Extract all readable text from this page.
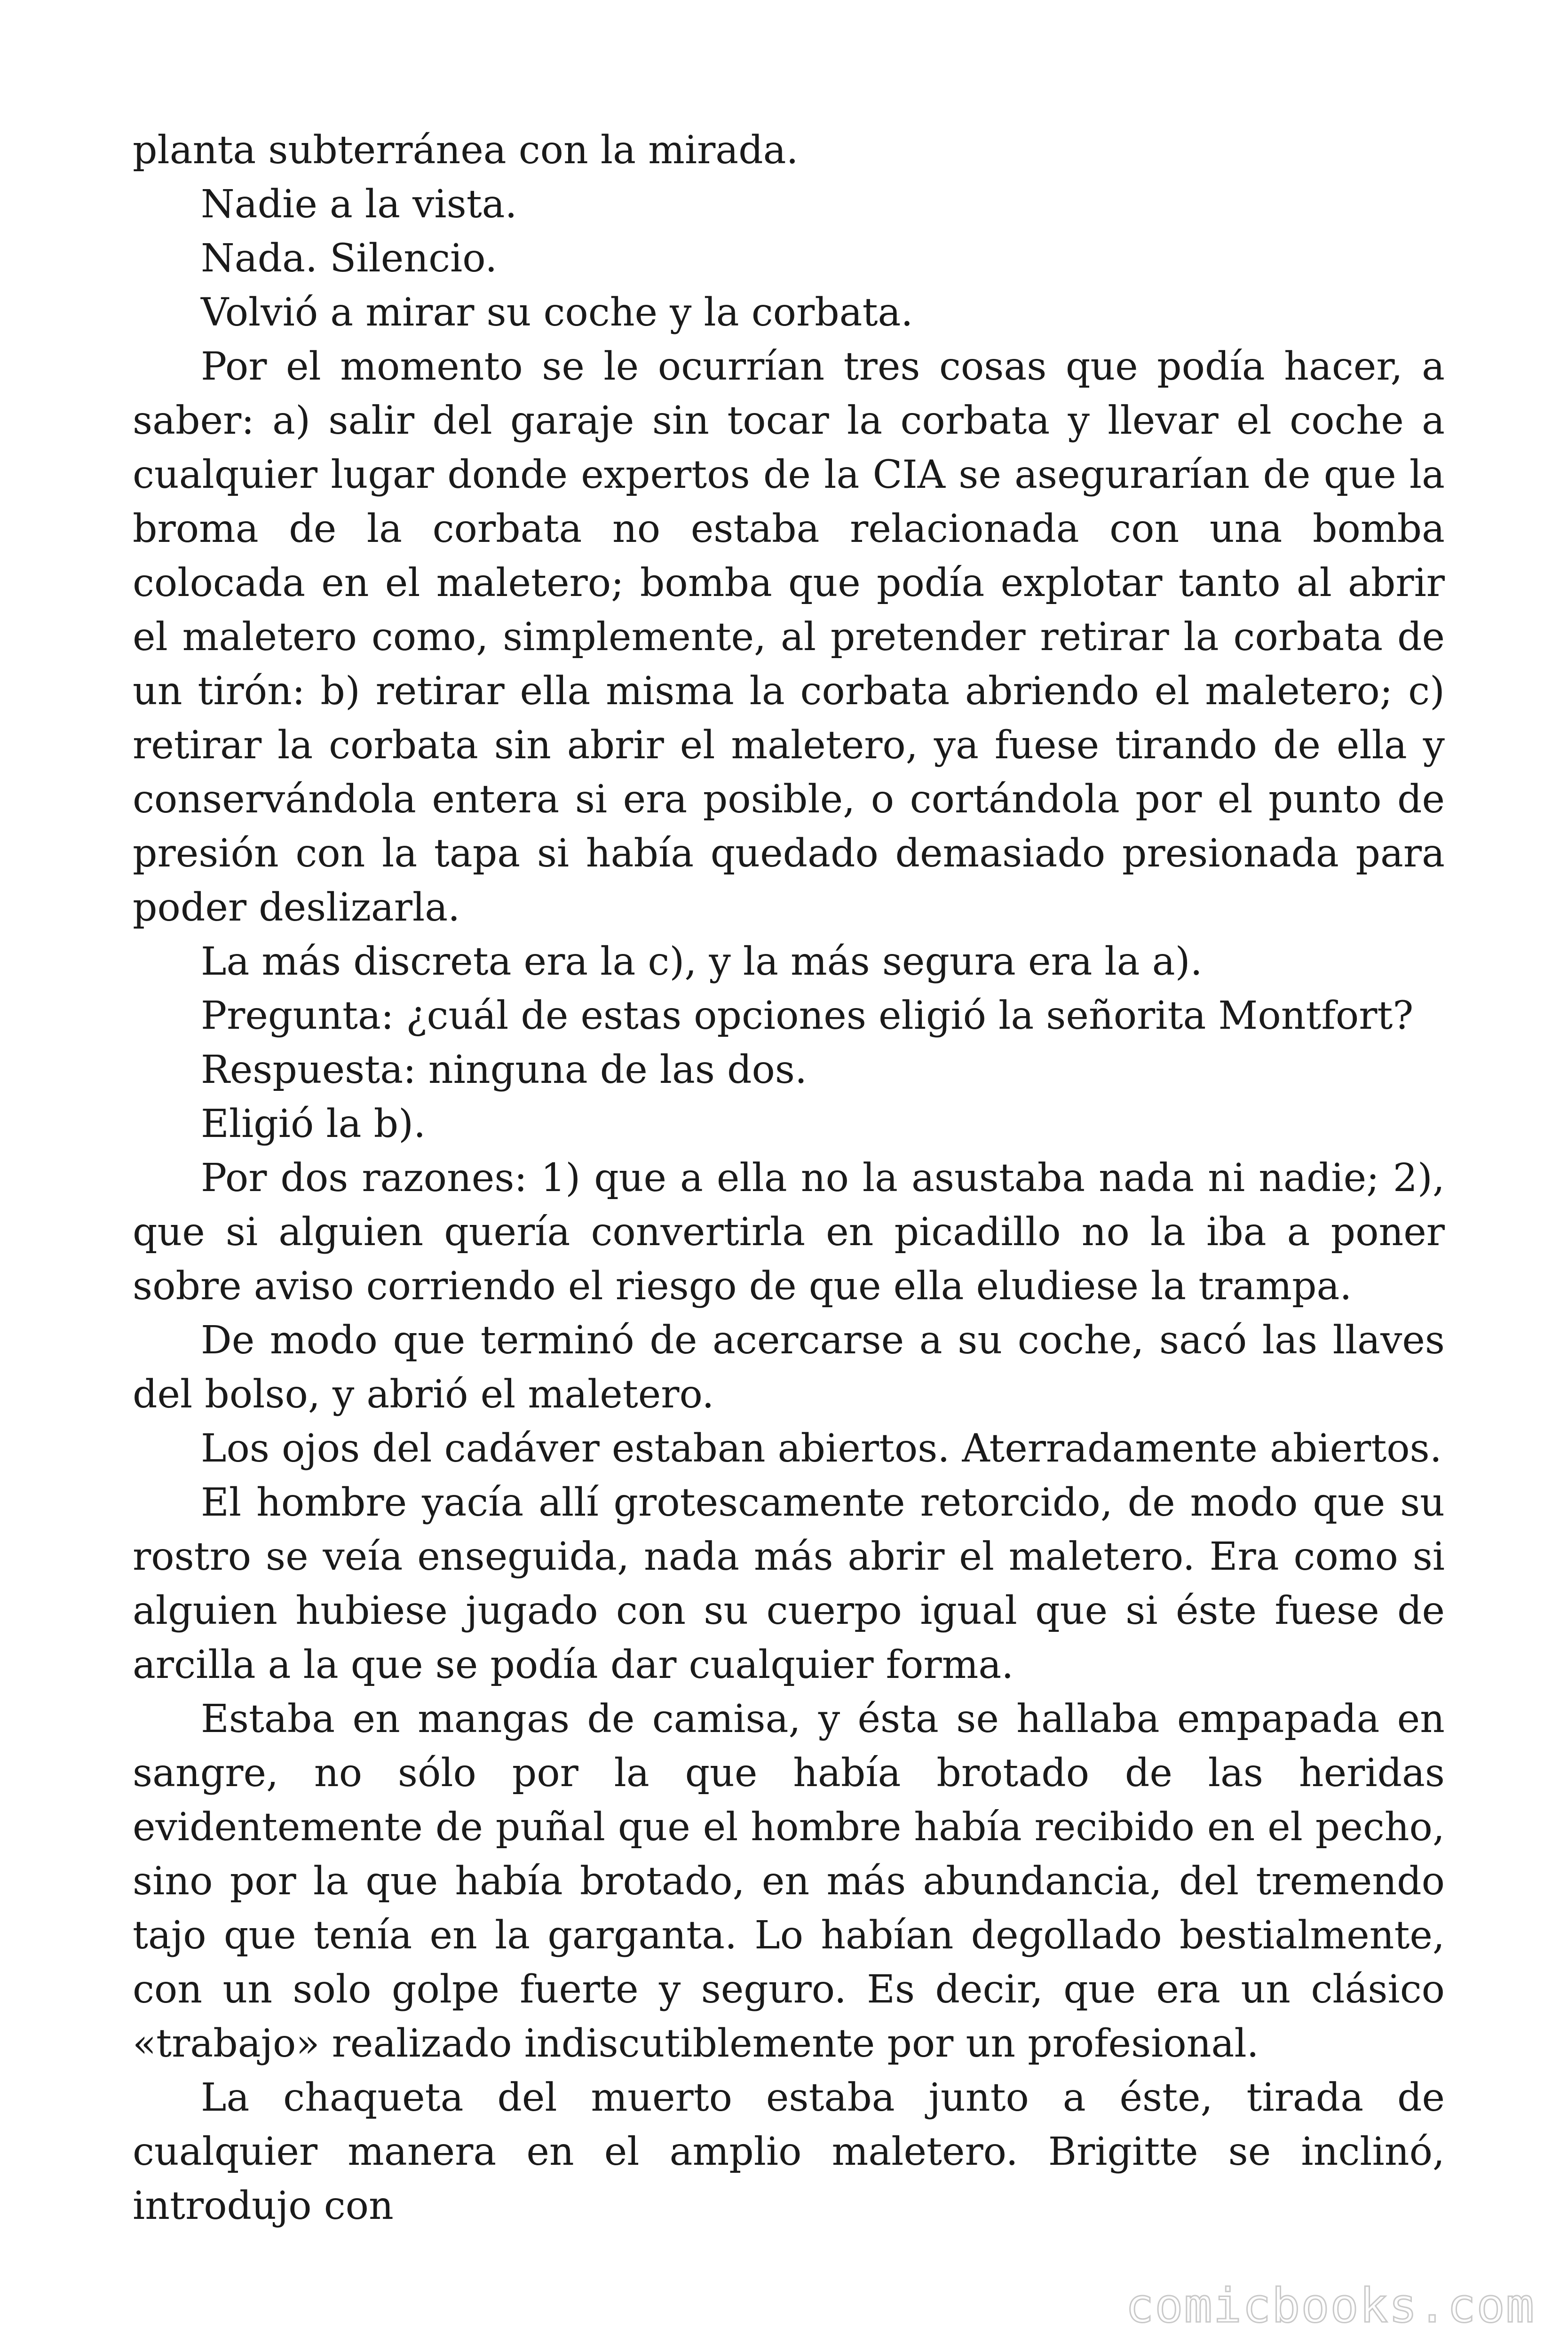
planta subterránea con la mirada.

Nadie a la vista.

Nada. Silencio.

Volvió a mirar su coche y la corbata.

Por el momento se le ocurrían tres cosas que podía hacer, a saber: a) salir del garaje sin tocar la corbata y llevar el coche a cualquier lugar donde expertos de la CIA se asegurarían de que la broma de la corbata no estaba relacionada con una bomba colocada en el maletero; bomba que podía explotar tanto al abrir el maletero como, simplemente, al pretender retirar la corbata de un tirón: b) retirar ella misma la corbata abriendo el maletero; c) retirar la corbata sin abrir el maletero, ya fuese tirando de ella y conservándola entera si era posible, o cortándola por el punto de presión con la tapa si había quedado demasiado presionada para poder deslizarla.

La más discreta era la c), y la más segura era la a).

Pregunta: ¿cuál de estas opciones eligió la señorita Montfort?

Respuesta: ninguna de las dos.

Eligió la b).

Por dos razones: 1) que a ella no la asustaba nada ni nadie; 2), que si alguien quería convertirla en picadillo no la iba a poner sobre aviso corriendo el riesgo de que ella eludiese la trampa.

De modo que terminó de acercarse a su coche, sacó las llaves del bolso, y abrió el maletero.

Los ojos del cadáver estaban abiertos. Aterradamente abiertos.

El hombre yacía allí grotescamente retorcido, de modo que su rostro se veía enseguida, nada más abrir el maletero. Era como si alguien hubiese jugado con su cuerpo igual que si éste fuese de arcilla a la que se podía dar cualquier forma.

Estaba en mangas de camisa, y ésta se hallaba empapada en sangre, no sólo por la que había brotado de las heridas evidentemente de puñal que el hombre había recibido en el pecho, sino por la que había brotado, en más abundancia, del tremendo tajo que tenía en la garganta. Lo habían degollado bestialmente, con un solo golpe fuerte y seguro. Es decir, que era un clásico «trabajo» realizado indiscutiblemente por un profesional.

La chaqueta del muerto estaba junto a éste, tirada de cualquier manera en el amplio maletero. Brigitte se inclinó, introdujo con

comicbooks.com
